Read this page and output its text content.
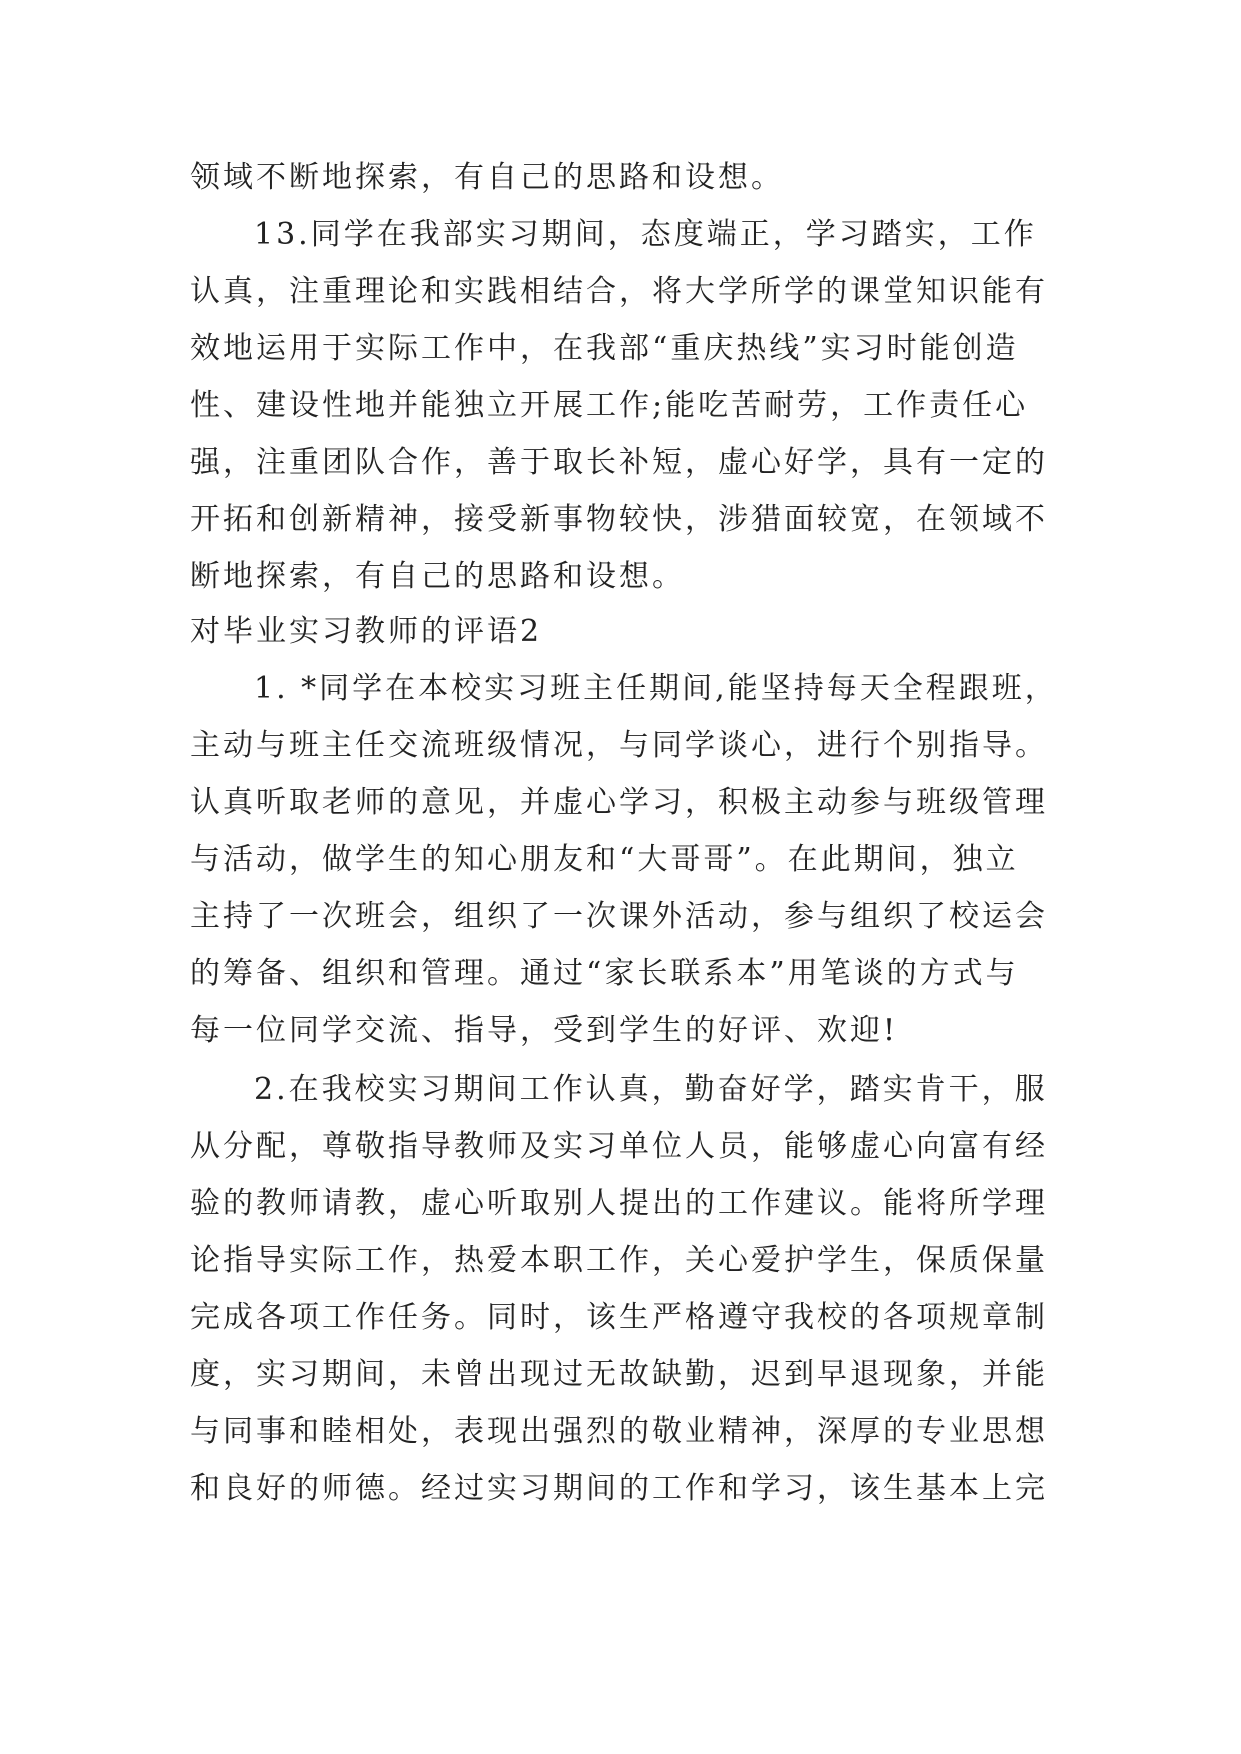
领域不断地探索，有自己的思路和设想。
13.同学在我部实习期间，态度端正，学习踏实，工作
认真，注重理论和实践相结合，将大学所学的课堂知识能有
效地运用于实际工作中，在我部“重庆热线”实习时能创造
性、建设性地并能独立开展工作;能吃苦耐劳，工作责任心
强，注重团队合作，善于取长补短，虚心好学，具有一定的
开拓和创新精神，接受新事物较快，涉猎面较宽，在领域不
断地探索，有自己的思路和设想。
对毕业实习教师的评语2
1. *同学在本校实习班主任期间,能坚持每天全程跟班，
主动与班主任交流班级情况，与同学谈心，进行个别指导。
认真听取老师的意见，并虚心学习，积极主动参与班级管理
与活动，做学生的知心朋友和“大哥哥”。在此期间，独立
主持了一次班会，组织了一次课外活动，参与组织了校运会
的筹备、组织和管理。通过“家长联系本”用笔谈的方式与
每一位同学交流、指导，受到学生的好评、欢迎!
2.在我校实习期间工作认真，勤奋好学，踏实肯干，服
从分配，尊敬指导教师及实习单位人员，能够虚心向富有经
验的教师请教，虚心听取别人提出的工作建议。能将所学理
论指导实际工作，热爱本职工作，关心爱护学生，保质保量
完成各项工作任务。同时，该生严格遵守我校的各项规章制
度，实习期间，未曾出现过无故缺勤，迟到早退现象，并能
与同事和睦相处，表现出强烈的敬业精神，深厚的专业思想
和良好的师德。经过实习期间的工作和学习，该生基本上完
